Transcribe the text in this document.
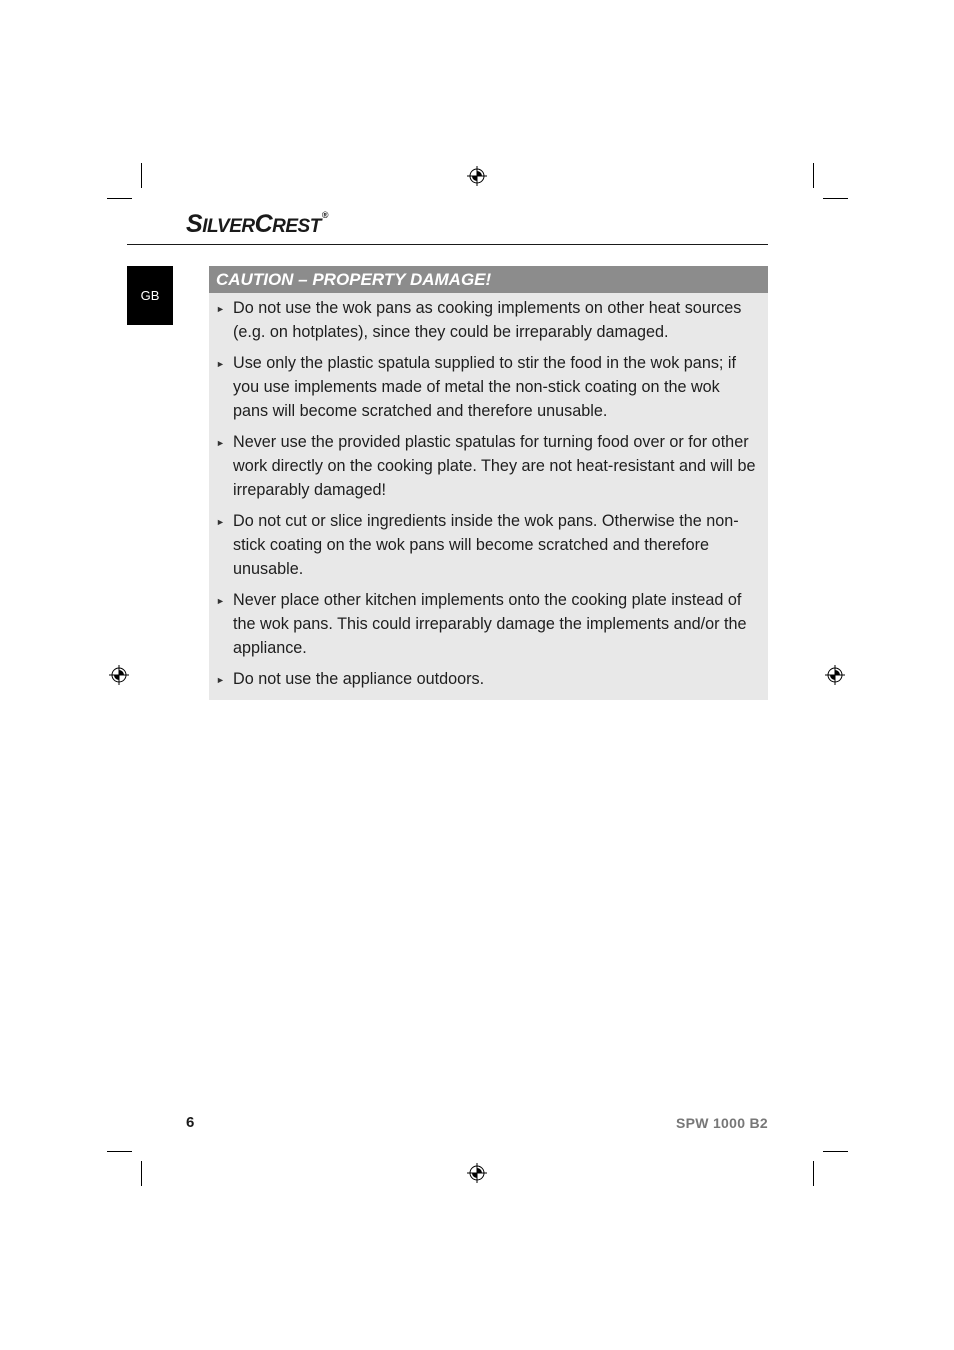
SILVERCREST®
GB
CAUTION – PROPERTY DAMAGE!
► Do not use the wok pans as cooking implements on other heat sources (e.g. on hotplates), since they could be irreparably damaged.
► Use only the plastic spatula supplied to stir the food in the wok pans; if you use implements made of metal the non-stick coating on the wok pans will become scratched and therefore unusable.
► Never use the provided plastic spatulas for turning food over or for other work directly on the cooking plate. They are not heat-resistant and will be irreparably damaged!
► Do not cut or slice ingredients inside the wok pans. Otherwise the non-stick coating on the wok pans will become scratched and therefore unusable.
► Never place other kitchen implements onto the cooking plate instead of the wok pans. This could irreparably damage the implements and/or the appliance.
► Do not use the appliance outdoors.
6	SPW 1000 B2
